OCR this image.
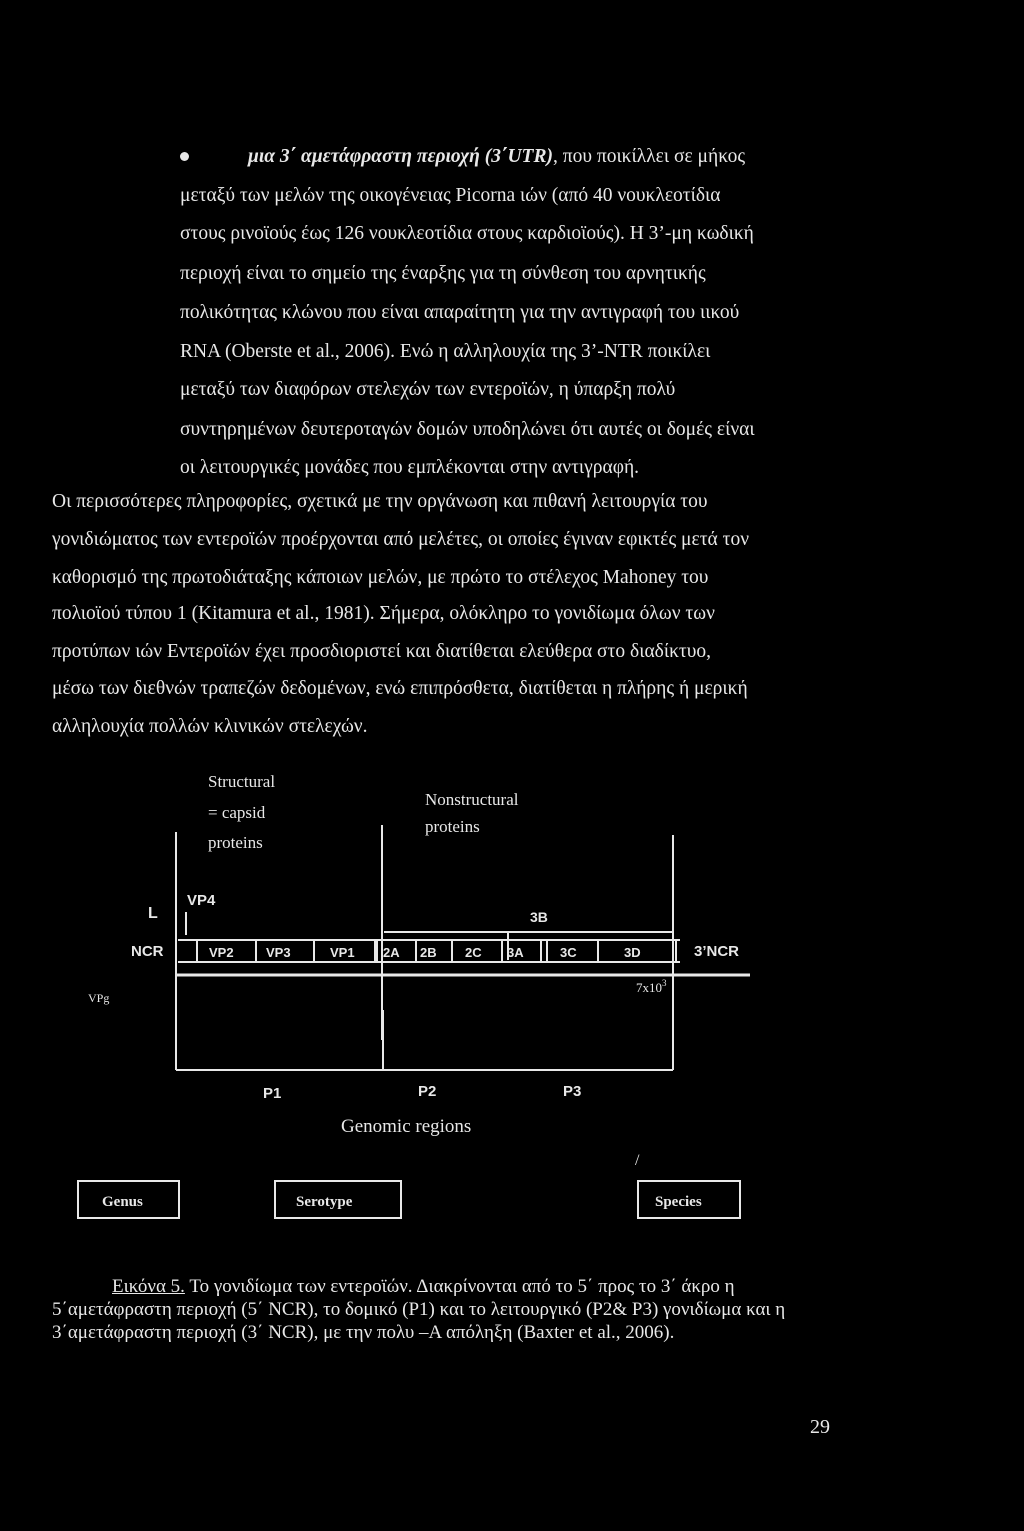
μια 3΄ αμετάφραστη περιοχή (3΄UTR), που ποικίλλει σε μήκος
μεταξύ των μελών της οικογένειας Picorna ιών (από 40 νουκλεοτίδια
στους ρινοϊούς έως 126 νουκλεοτίδια στους καρδιοϊούς). Η 3’-μη κωδική
περιοχή είναι το σημείο της έναρξης για τη σύνθεση του αρνητικής
πολικότητας κλώνου που είναι απαραίτητη για την αντιγραφή του ιικού
RNA (Oberste et al., 2006). Ενώ η αλληλουχία της 3’-NTR ποικίλει
μεταξύ των διαφόρων στελεχών των εντεροϊών, η ύπαρξη πολύ
συντηρημένων δευτεροταγών δομών υποδηλώνει ότι αυτές οι δομές είναι
οι λειτουργικές μονάδες που εμπλέκονται στην αντιγραφή.
Οι περισσότερες πληροφορίες, σχετικά με την οργάνωση και πιθανή λειτουργία του
γονιδιώματος των εντεροϊών προέρχονται από μελέτες, οι οποίες έγιναν εφικτές μετά τον
καθορισμό της πρωτοδιάταξης κάποιων μελών, με πρώτο το στέλεχος Mahoney του
πολιοϊού τύπου 1 (Kitamura et al., 1981). Σήμερα, ολόκληρο το γονιδίωμα όλων των
προτύπων ιών Εντεροϊών έχει προσδιοριστεί και διατίθεται ελεύθερα στο διαδίκτυο,
μέσω των διεθνών τραπεζών δεδομένων, ενώ επιπρόσθετα, διατίθεται η πλήρης ή μερική
αλληλουχία πολλών κλινικών στελεχών.
Structural
= capsid
proteins
Nonstructural
proteins
L
VP4
3B
NCR	VP2 VP3	VP1 2A 2B 2C 3A	3C	3D	3’NCR
VPg
$7x10^3$
P1	P2	P3
Genomic regions
/
Genus	Serotype	Species
Εικόνα 5. Το γονιδίωμα των εντεροϊών. Διακρίνονται από το 5΄ προς το 3΄ άκρο η
5΄αμετάφραστη περιοχή (5΄ NCR), το δομικό (P1) και το λειτουργικό (P2& P3) γονιδίωμα και η
3΄αμετάφραστη περιοχή (3΄ NCR), με την πολυ –Α απόληξη (Baxter et al., 2006).
29
